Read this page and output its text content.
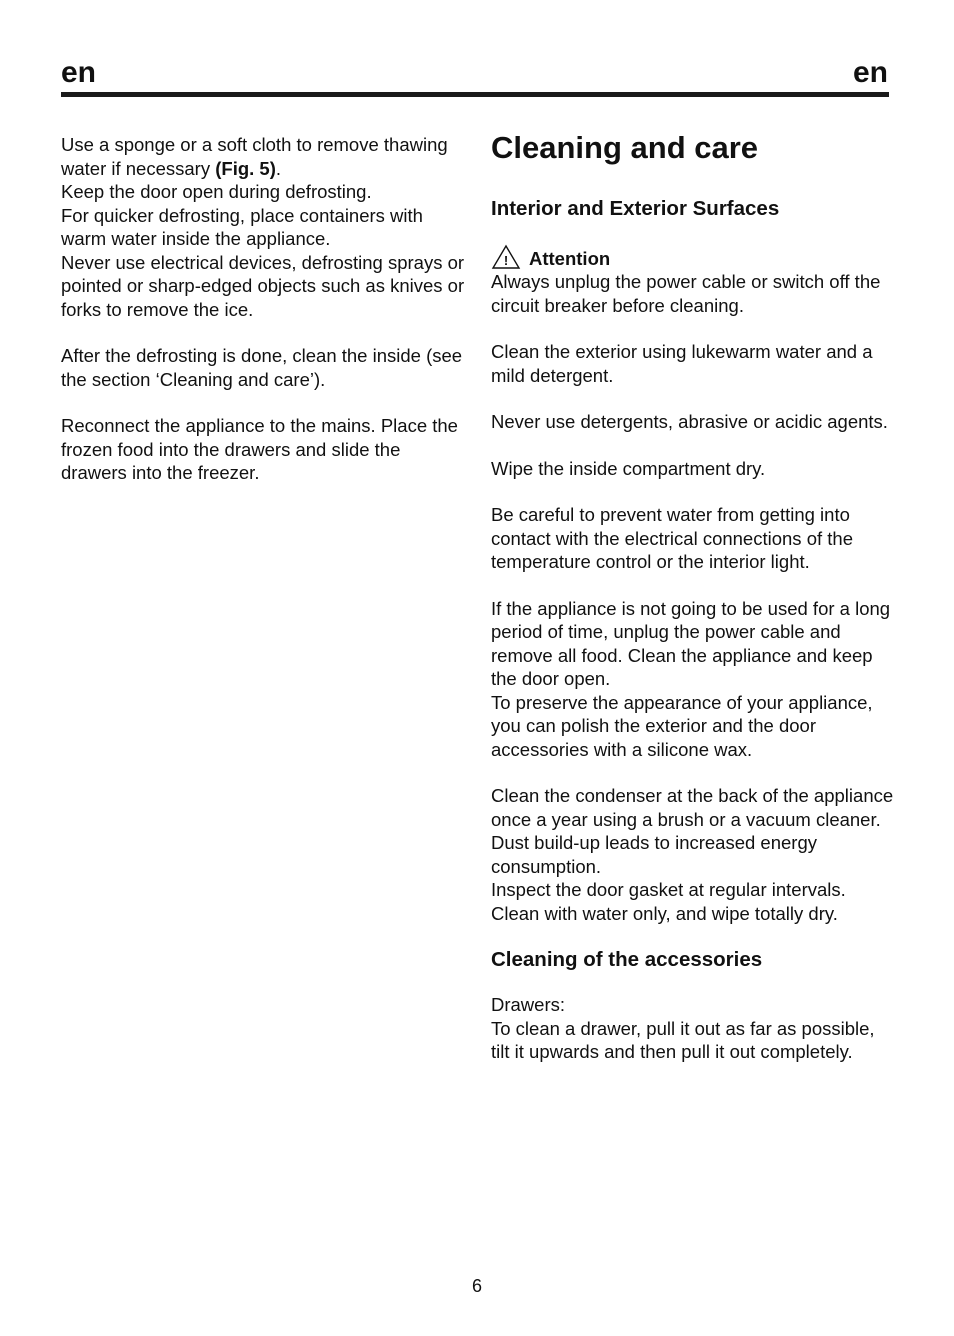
en	en

Use a sponge or a soft cloth to remove thawing water if necessary (Fig. 5).

Keep the door open during defrosting.

For quicker defrosting, place containers with warm water inside the appliance.

Never use electrical devices, defrosting sprays or pointed or sharp-edged objects such as knives or forks to remove the ice.

After the defrosting is done, clean the inside (see the section ‘Cleaning and care’).

Reconnect the appliance to the mains. Place the frozen food into the drawers and slide the drawers into the freezer.

Cleaning and care
Interior and Exterior Surfaces
! Attention

Always unplug the power cable or switch off the circuit breaker before cleaning.

Clean the exterior using lukewarm water and a mild detergent.

Never use detergents, abrasive or acidic agents.

Wipe the inside compartment dry.

Be careful to prevent water from getting into contact with the electrical connections of the temperature control or the interior light.

If the appliance is not going to be used for a long period of time, unplug the power cable and remove all food. Clean the appliance and keep the door open.

To preserve the appearance of your appliance, you can polish the exterior and the door accessories with a silicone wax.

Clean the condenser at the back of the appliance once a year using a brush or a vacuum cleaner. Dust build-up leads to increased energy consumption.

Inspect the door gasket at regular intervals. Clean with water only, and wipe totally dry.

Cleaning of the accessories

Drawers:

To clean a drawer, pull it out as far as possible, tilt it upwards and then pull it out completely.

6
